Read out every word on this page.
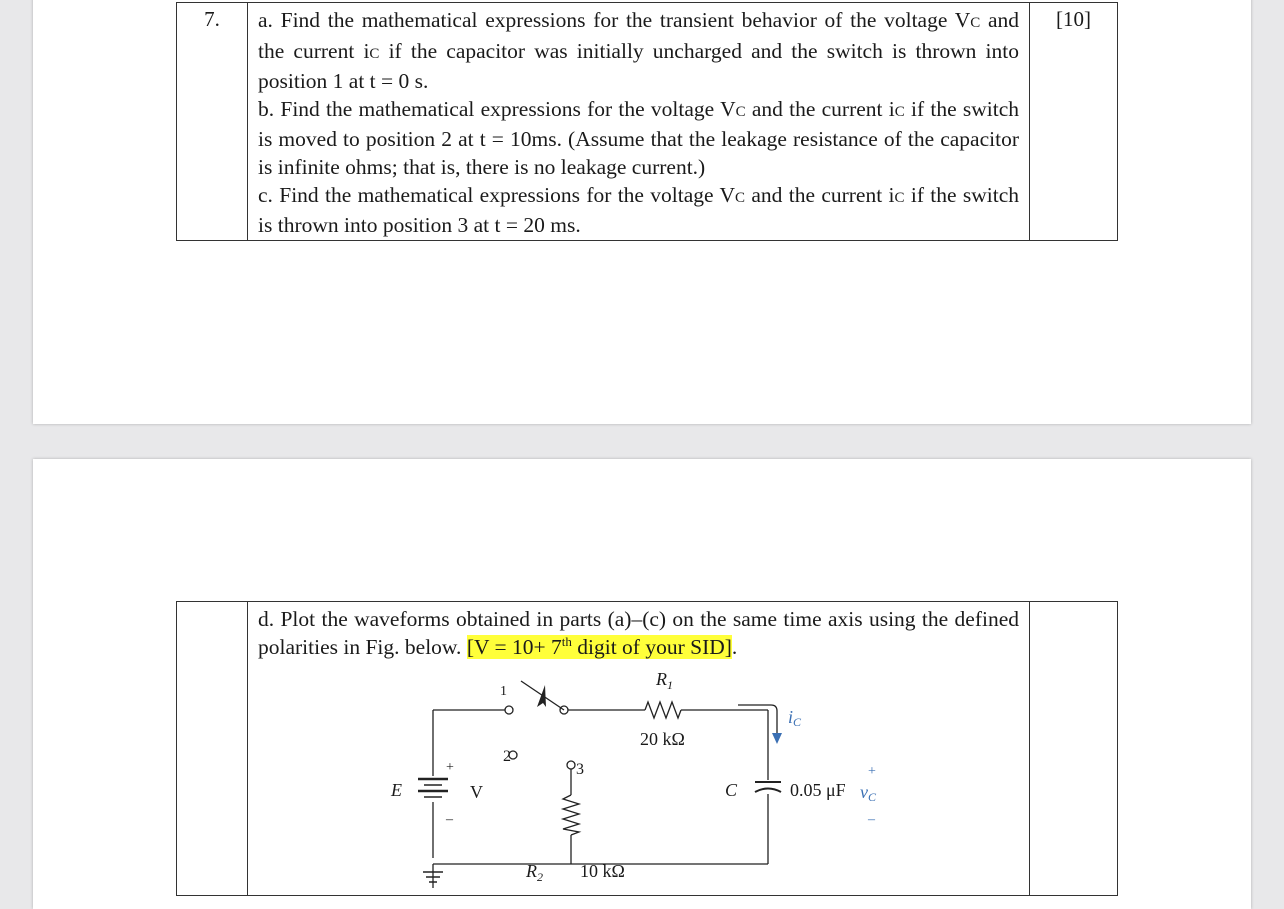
7.	a. Find the mathematical expressions for the transient behavior of the voltage VC and the current iC if the capacitor was initially uncharged and the switch is thrown into position 1 at t = 0 s.
b. Find the mathematical expressions for the voltage VC and the current iC if the switch is moved to position 2 at t = 10ms. (Assume that the leakage resistance of the capacitor is infinite ohms; that is, there is no leakage current.)
c. Find the mathematical expressions for the voltage VC and the current iC if the switch is thrown into position 3 at t = 20 ms.	[10]
	d. Plot the waveforms obtained in parts (a)–(c) on the same time axis using the defined polarities in Fig. below. [V = 10+ 7th digit of your SID].
$R_1$
20 kΩ
$R_2$ 10 kΩ
C	0.05 μF vC
+
–
iC
E	V
+
–
1
2
3
